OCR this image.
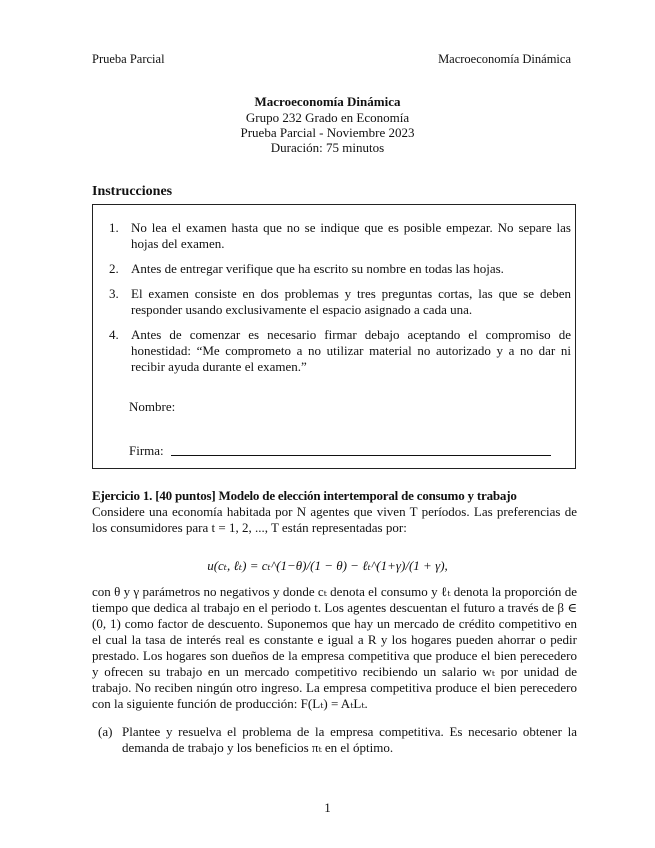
Prueba Parcial	Macroeconomía Dinámica
Macroeconomía Dinámica
Grupo 232 Grado en Economía
Prueba Parcial - Noviembre 2023
Duración: 75 minutos
Instrucciones
1. No lea el examen hasta que no se indique que es posible empezar. No separe las hojas del examen.
2. Antes de entregar verifique que ha escrito su nombre en todas las hojas.
3. El examen consiste en dos problemas y tres preguntas cortas, las que se deben responder usando exclusivamente el espacio asignado a cada una.
4. Antes de comenzar es necesario firmar debajo aceptando el compromiso de honestidad: “Me comprometo a no utilizar material no autorizado y a no dar ni recibir ayuda durante el examen.”
Nombre:
Firma:
Ejercicio 1. [40 puntos] Modelo de elección intertemporal de consumo y trabajo
Considere una economía habitada por N agentes que viven T períodos. Las preferencias de los consumidores para t = 1, 2, ..., T están representadas por:
u(cₜ, ℓₜ) = cₜ^(1−θ)/(1 − θ) − ℓₜ^(1+γ)/(1 + γ),
con θ y γ parámetros no negativos y donde cₜ denota el consumo y ℓₜ denota la proporción de tiempo que dedica al trabajo en el periodo t. Los agentes descuentan el futuro a través de β ∈ (0, 1) como factor de descuento. Suponemos que hay un mercado de crédito competitivo en el cual la tasa de interés real es constante e igual a R y los hogares pueden ahorrar o pedir prestado. Los hogares son dueños de la empresa competitiva que produce el bien perecedero y ofrecen su trabajo en un mercado competitivo recibiendo un salario wₜ por unidad de trabajo. No reciben ningún otro ingreso. La empresa competitiva produce el bien perecedero con la siguiente función de producción: F(Lₜ) = AₜLₜ.
(a) Plantee y resuelva el problema de la empresa competitiva. Es necesario obtener la demanda de trabajo y los beneficios πₜ en el óptimo.
1
